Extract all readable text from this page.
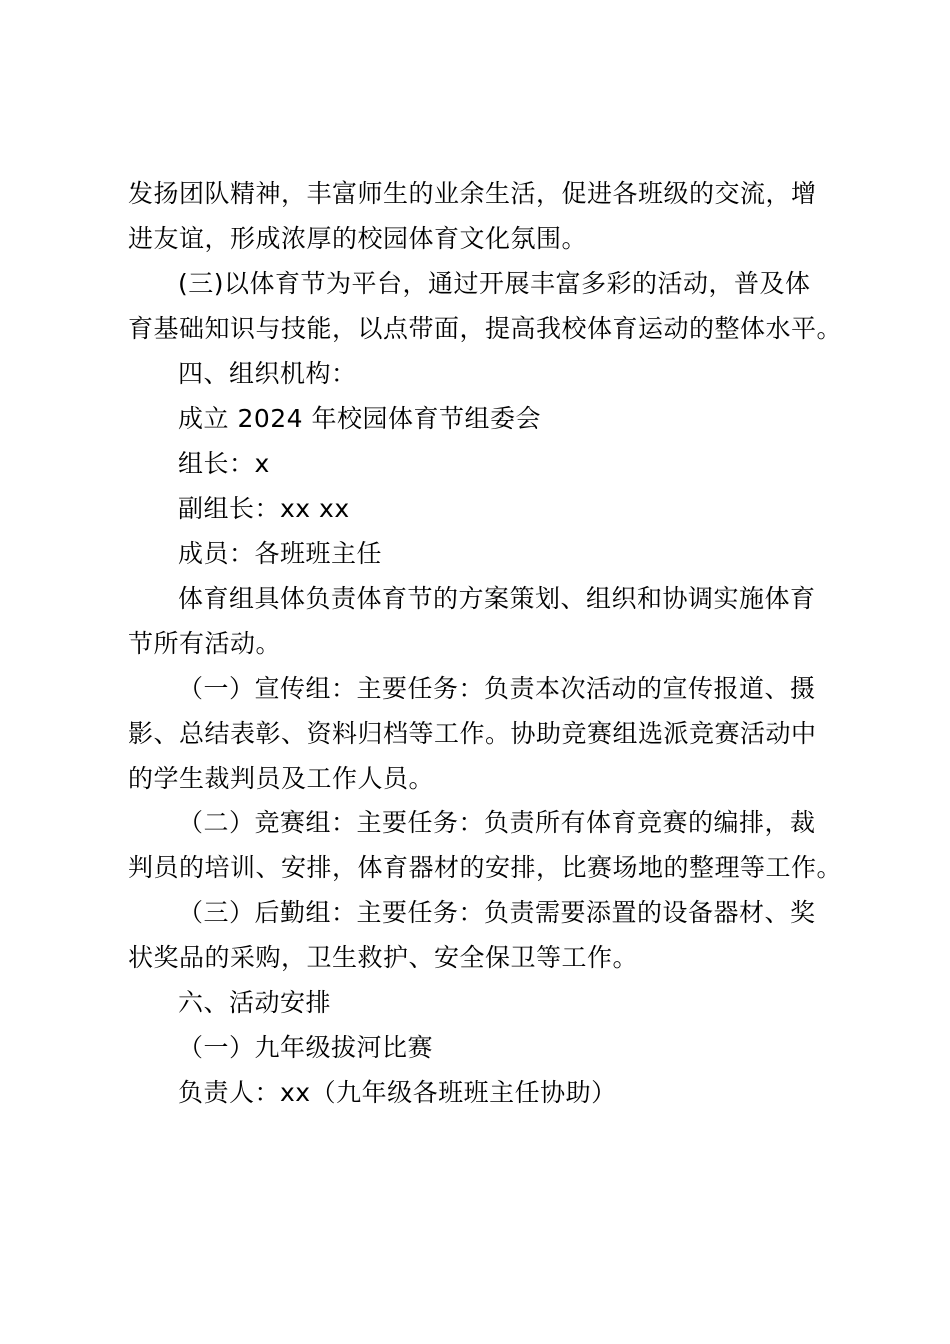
发扬团队精神，丰富师生的业余生活，促进各班级的交流，增
进友谊，形成浓厚的校园体育文化氛围。
(三)以体育节为平台，通过开展丰富多彩的活动，普及体
育基础知识与技能，以点带面，提高我校体育运动的整体水平。
四、组织机构：
成立 2024 年校园体育节组委会
组长：x
副组长：xx xx
成员：各班班主任
体育组具体负责体育节的方案策划、组织和协调实施体育
节所有活动。
（一）宣传组：主要任务：负责本次活动的宣传报道、摄
影、总结表彰、资料归档等工作。协助竞赛组选派竞赛活动中
的学生裁判员及工作人员。
（二）竞赛组：主要任务：负责所有体育竞赛的编排，裁
判员的培训、安排，体育器材的安排，比赛场地的整理等工作。
（三）后勤组：主要任务：负责需要添置的设备器材、奖
状奖品的采购，卫生救护、安全保卫等工作。
六、活动安排
（一）九年级拔河比赛
负责人：xx（九年级各班班主任协助）
